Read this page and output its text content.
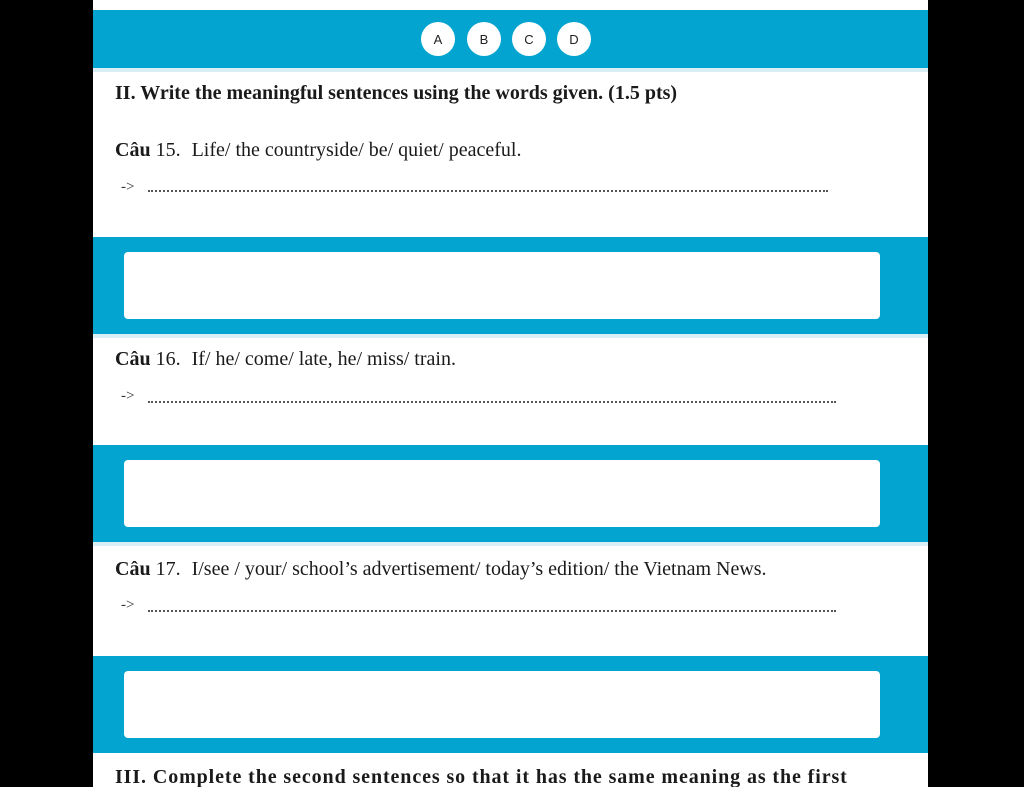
A	B	C	D
II. Write the meaningful sentences using the words given. (1.5 pts)
Câu 15. Life/ the countryside/ be/ quiet/ peaceful.
->
Câu 16. If/ he/ come/ late, he/ miss/ train.
->
Câu 17. I/see / your/ school’s advertisement/ today’s edition/ the Vietnam News.
->
III. Complete the second sentences so that it has the same meaning as the first
